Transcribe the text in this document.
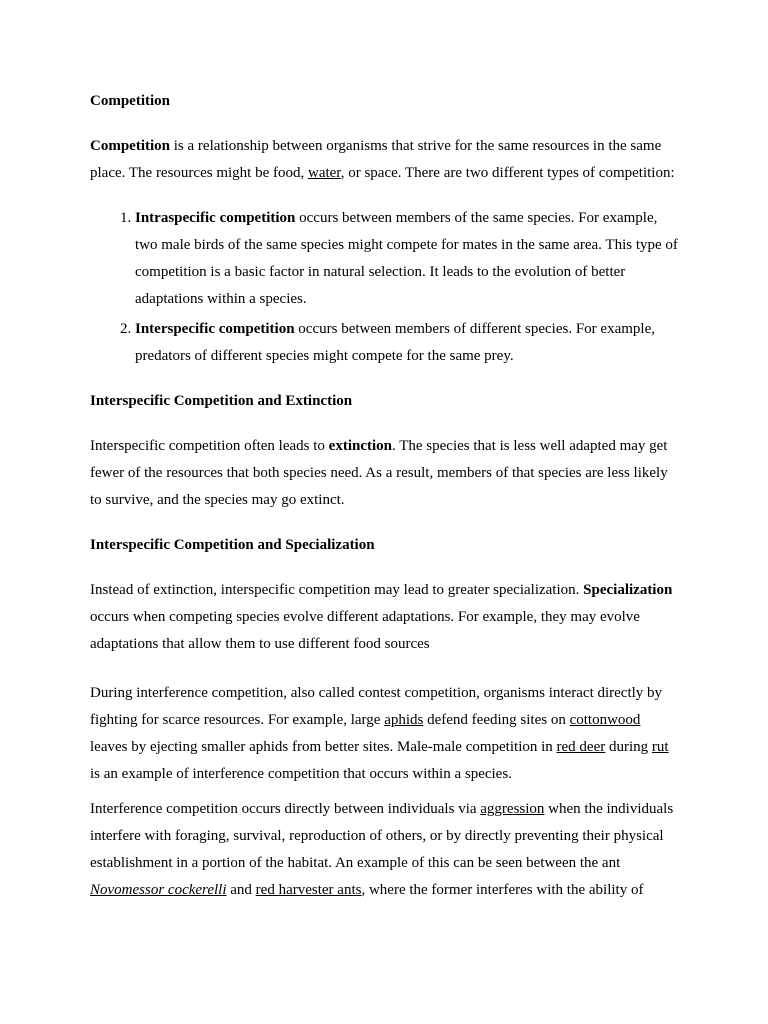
Competition

Competition is a relationship between organisms that strive for the same resources in the same place. The resources might be food, water, or space. There are two different types of competition:

1. Intraspecific competition occurs between members of the same species. For example, two male birds of the same species might compete for mates in the same area. This type of competition is a basic factor in natural selection. It leads to the evolution of better adaptations within a species.
2. Interspecific competition occurs between members of different species. For example, predators of different species might compete for the same prey.
Interspecific Competition and Extinction

Interspecific competition often leads to extinction. The species that is less well adapted may get fewer of the resources that both species need. As a result, members of that species are less likely to survive, and the species may go extinct.

Interspecific Competition and Specialization

Instead of extinction, interspecific competition may lead to greater specialization. Specialization occurs when competing species evolve different adaptations. For example, they may evolve adaptations that allow them to use different food sources

During interference competition, also called contest competition, organisms interact directly by fighting for scarce resources. For example, large aphids defend feeding sites on cottonwood leaves by ejecting smaller aphids from better sites. Male-male competition in red deer during rut is an example of interference competition that occurs within a species.

Interference competition occurs directly between individuals via aggression when the individuals interfere with foraging, survival, reproduction of others, or by directly preventing their physical establishment in a portion of the habitat. An example of this can be seen between the ant Novomessor cockerelli and red harvester ants, where the former interferes with the ability of
